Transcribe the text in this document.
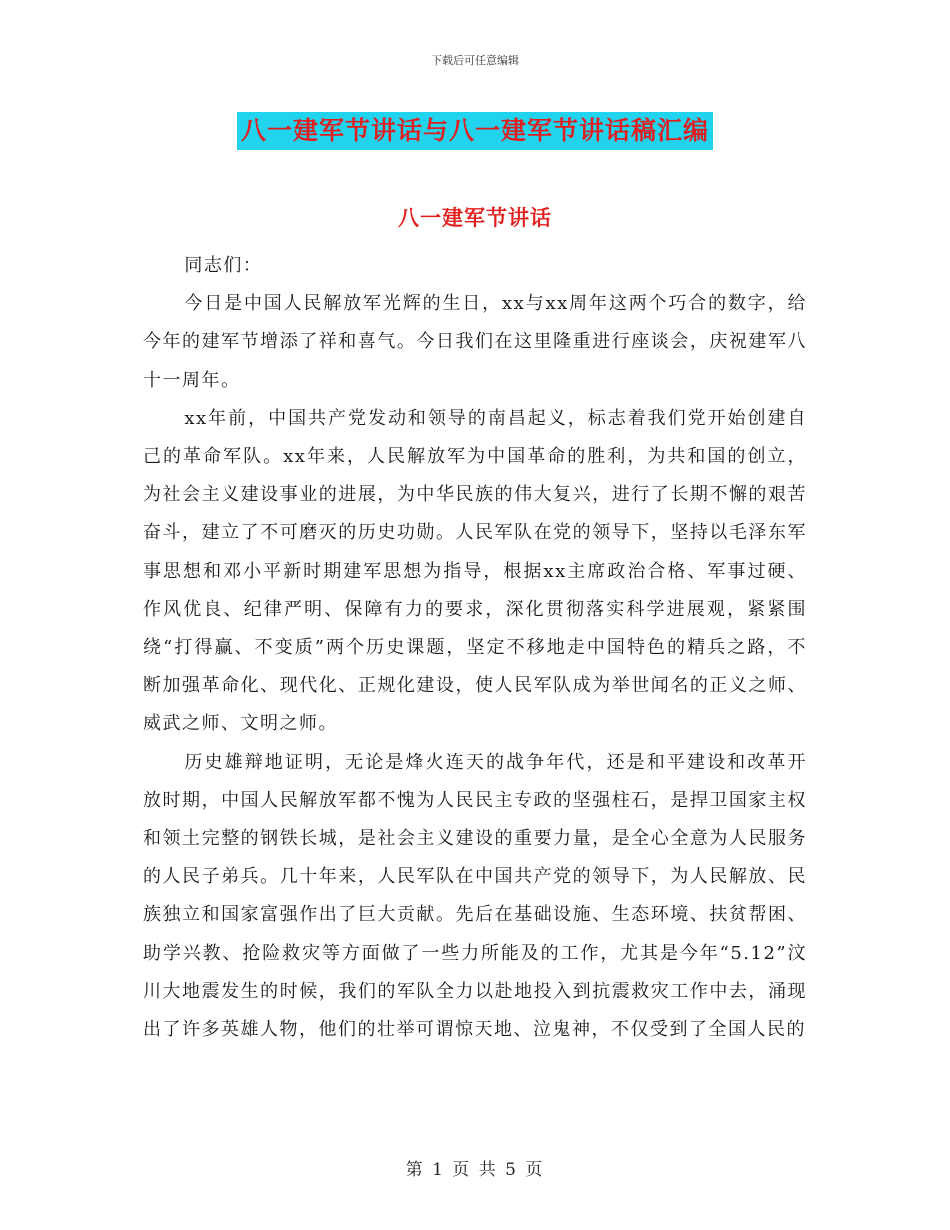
下载后可任意编辑
八一建军节讲话与八一建军节讲话稿汇编
八一建军节讲话

同志们：

今日是中国人民解放军光辉的生日，xx与xx周年这两个巧合的数字，给今年的建军节增添了祥和喜气。今日我们在这里隆重进行座谈会，庆祝建军八十一周年。

xx年前，中国共产党发动和领导的南昌起义，标志着我们党开始创建自己的革命军队。xx年来，人民解放军为中国革命的胜利，为共和国的创立，为社会主义建设事业的进展，为中华民族的伟大复兴，进行了长期不懈的艰苦奋斗，建立了不可磨灭的历史功勋。人民军队在党的领导下，坚持以毛泽东军事思想和邓小平新时期建军思想为指导，根据xx主席政治合格、军事过硬、作风优良、纪律严明、保障有力的要求，深化贯彻落实科学进展观，紧紧围绕“打得赢、不变质”两个历史课题，坚定不移地走中国特色的精兵之路，不断加强革命化、现代化、正规化建设，使人民军队成为举世闻名的正义之师、威武之师、文明之师。

历史雄辩地证明，无论是烽火连天的战争年代，还是和平建设和改革开放时期，中国人民解放军都不愧为人民民主专政的坚强柱石，是捍卫国家主权和领土完整的钢铁长城，是社会主义建设的重要力量，是全心全意为人民服务的人民子弟兵。几十年来，人民军队在中国共产党的领导下，为人民解放、民族独立和国家富强作出了巨大贡献。先后在基础设施、生态环境、扶贫帮困、助学兴教、抢险救灾等方面做了一些力所能及的工作，尤其是今年“5.12”汶川大地震发生的时候，我们的军队全力以赴地投入到抗震救灾工作中去，涌现出了许多英雄人物，他们的壮举可谓惊天地、泣鬼神，不仅受到了全国人民的

第 1 页 共 5 页
